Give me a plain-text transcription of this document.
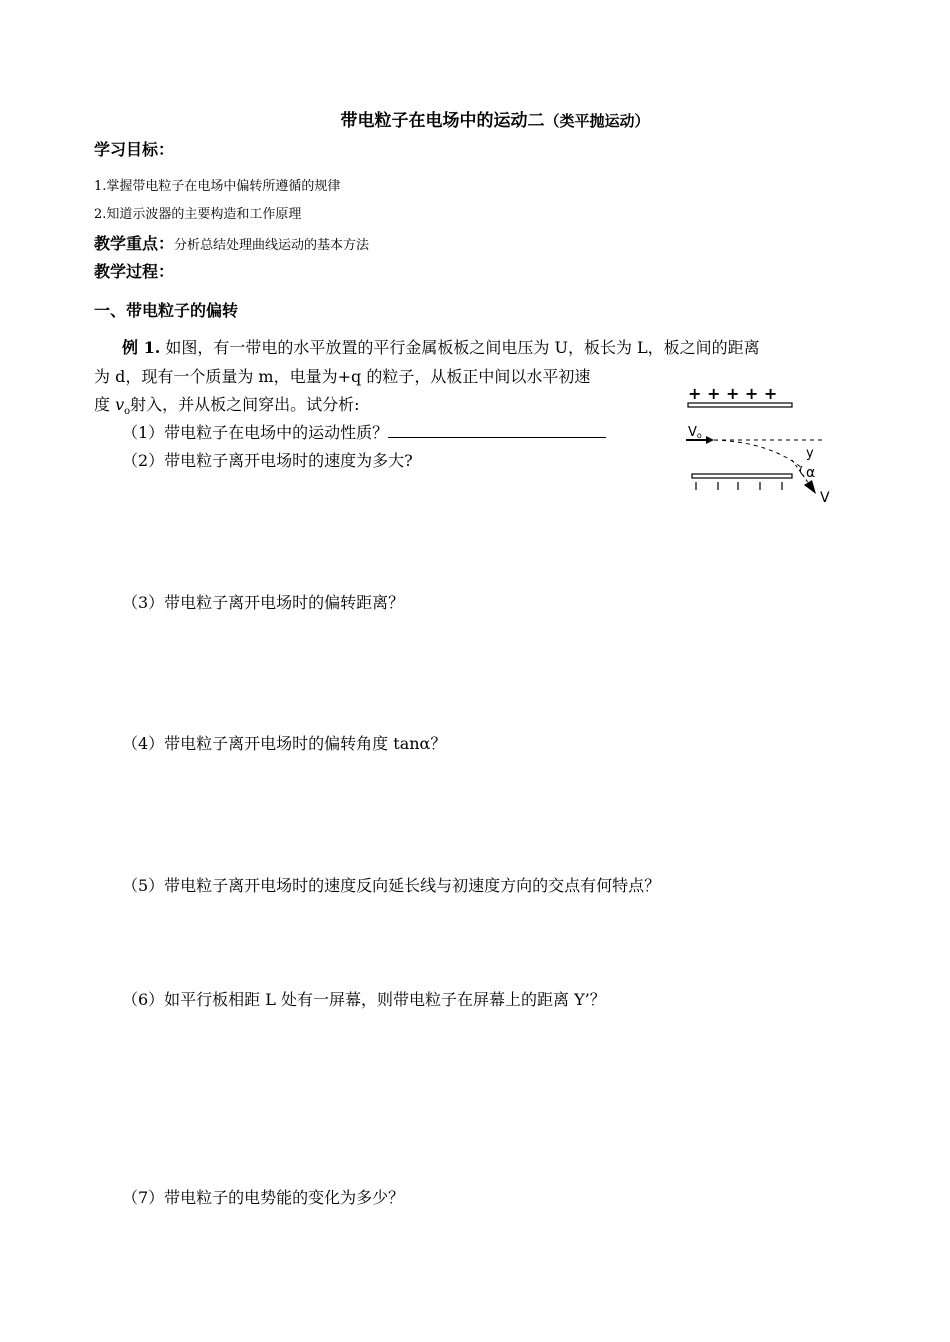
带电粒子在电场中的运动二（类平抛运动）
学习目标：
1.掌握带电粒子在电场中偏转所遵循的规律
2.知道示波器的主要构造和工作原理
教学重点：分析总结处理曲线运动的基本方法
教学过程：
一、带电粒子的偏转
例 1. 如图，有一带电的水平放置的平行金属板板之间电压为 U，板长为 L，板之间的距离
为 d，现有一个质量为 m，电量为+q 的粒子，从板正中间以水平初速
度 $v_o$射入，并从板之间穿出。试分析:
（1）带电粒子在电场中的运动性质？
（2）带电粒子离开电场时的速度为多大?
（3）带电粒子离开电场时的偏转距离？
（4）带电粒子离开电场时的偏转角度 tanα？
（5）带电粒子离开电场时的速度反向延长线与初速度方向的交点有何特点？
（6）如平行板相距 L 处有一屏幕，则带电粒子在屏幕上的距离 Y’？
（7）带电粒子的电势能的变化为多少？
+ + + + +
Vo
y
α
V
